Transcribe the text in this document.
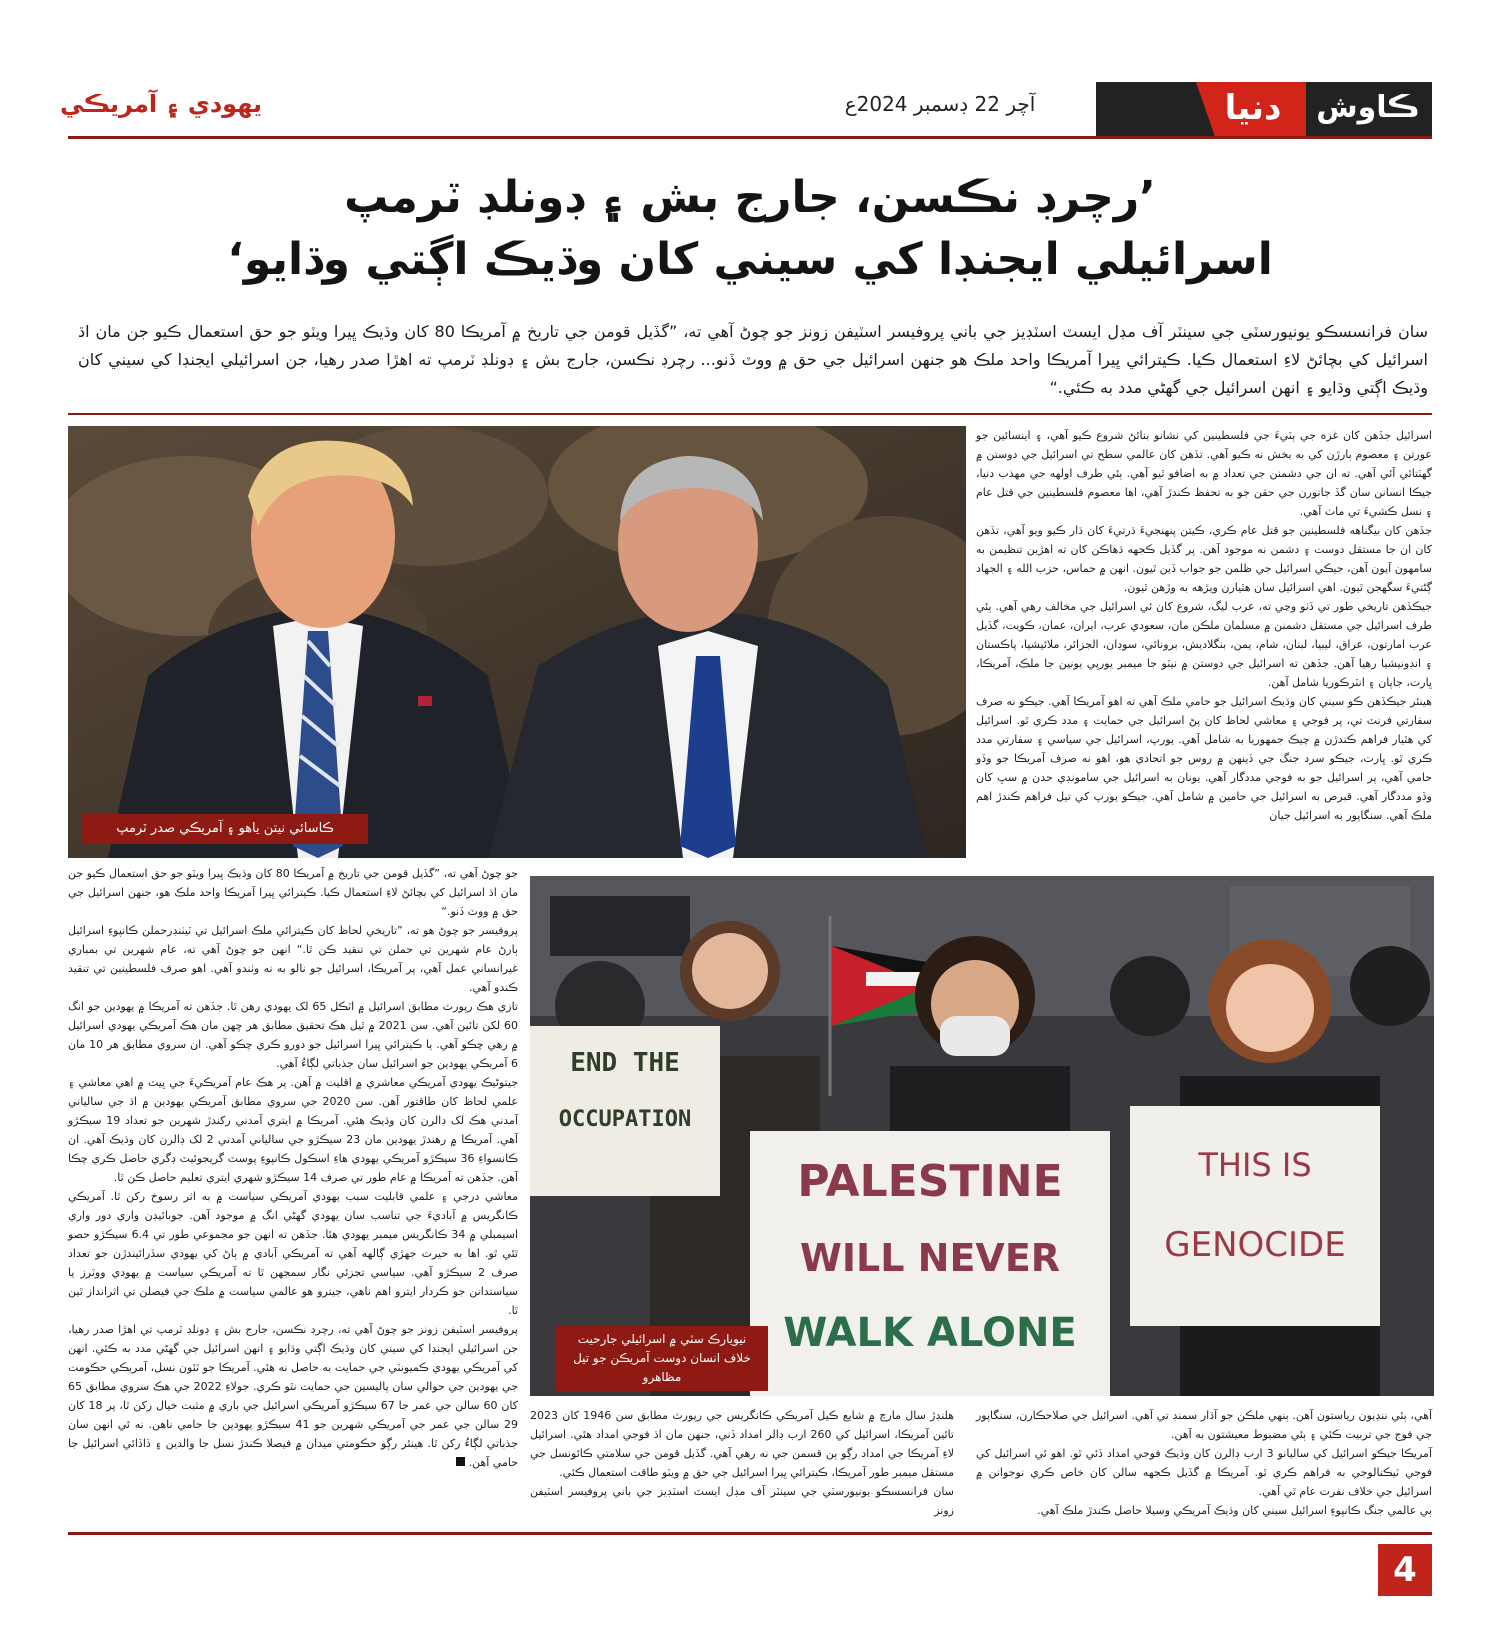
دنيا	ڪاوش
آچر 22 ڊسمبر 2024ع
يهودي ۽ آمريڪي
’رچرڊ نڪسن، جارج بش ۽ ڊونلڊ ٽرمپ
اسرائيلي ايجنڊا کي سيني کان وڌيڪ اڳتي وڌايو‘
سان فرانسسڪو يونيورسٽي جي سينٽر آف مڊل ايسٽ اسٽڊيز جي باني پروفيسر اسٽيفن زونز جو چوڻ آهي ته، ”گڏيل قومن جي تاريخ ۾ آمريڪا 80 کان وڌيڪ ڀيرا ويٽو جو حق استعمال ڪيو جن مان اڌ اسرائيل کي بچائڻ لاءِ استعمال ڪيا. ڪيترائي ڀيرا آمريڪا واحد ملڪ هو جنهن اسرائيل جي حق ۾ ووٽ ڏنو... رچرڊ نڪسن، جارج بش ۽ ڊونلڊ ٽرمپ ته اهڙا صدر رهيا، جن اسرائيلي ايجنڊا کي سيني کان وڌيڪ اڳتي وڌايو ۽ انهن اسرائيل جي گهڻي مدد به ڪئي.“
ڪاسائي نيتن ياهو ۽ آمريڪي صدر ٽرمپ
END THE
OCCUPATION
PALESTINE
WILL NEVER
WALK ALONE
THIS IS
GENOCIDE
نيويارڪ سٽي ۾ اسرائيلي جارحيت خلاف انسان دوست آمريڪن جو تيل مظاهرو

اسرائيل جڏهن کان غزه جي ٻٽيءَ جي فلسطينين کي نشانو بنائڻ شروع ڪيو آهي، ۽ اينسائين جو عورتن ۽ معصوم ٻارڙن کي به بخش نه ڪيو آهي. تڏهن کان عالمي سطح تي اسرائيل جي دوستن ۾ گهٽتائي آئي آهي. ته ان جي دشمنن جي تعداد ۾ به اضافو ٿيو آهي. ٻئي طرف اولهه جي مهذب دنيا، جيڪا انسانن سان گڏ جانورن جي حقن جو به تحفظ ڪندڙ آهي، اها معصوم فلسطينين جي قتل عام ۽ نسل ڪشيءَ تي ماٺ آهي.

جڏهن کان بيگناهه فلسطينين جو قتل عام ڪري، ڪيتن پنهنجيءَ ڌرتيءَ کان ڌار ڪيو ويو آهي، تڏهن کان ان جا مستقل دوست ۽ دشمن نه موجود آهن. پر گڏيل ڪجهه ڌهاڪن کان ته اهڙين تنظيمن به سامهون آيون آهن، جيڪي اسرائيل جي ظلمن جو جواب ڏين ٿيون. انهن ۾ حماس، حزب الله ۽ الجهاد ڳڻتيءَ سگهجن ٿيون. اهي اسرائيل سان هٿيارن ويڙهه به وڙهن ٿيون.

جيڪڏهن تاريخي طور تي ڏٺو وڃي ته، عرب ليگ، شروع کان ئي اسرائيل جي مخالف رهي آهي. ٻئي طرف اسرائيل جي مستقل دشمنن ۾ مسلمان ملڪن مان، سعودي عرب، ايران، عمان، ڪويت، گڏيل عرب امارتون، عراق، ليبيا، لبنان، شام، يمن، بنگلاديش، برونائي، سوڊان، الجزائر، ملائيشيا، پاڪستان ۽ انڊونيشيا رهيا آهن. جڏهن ته اسرائيل جي دوستن ۾ نيٽو جا ميمبر يورپي يونين جا ملڪ، آمريڪا، ڀارت، جاپان ۽ انٽرڪوريا شامل آهن.

هينئر جيڪڏهن ڪو سيني کان وڌيڪ اسرائيل جو حامي ملڪ آهي ته اهو آمريڪا آهي. جيڪو نه صرف سفارتي فرنٽ تي، پر فوجي ۽ معاشي لحاظ کان پڻ اسرائيل جي حمايت ۽ مدد ڪري ٿو. اسرائيل کي هٿيار فراهم ڪندڙن ۾ چيڪ جمهوريا به شامل آهي. يورپ، اسرائيل جي سياسي ۽ سفارتي مدد ڪري ٿو. ڀارت، جيڪو سرد جنگ جي ڏينهن ۾ روس جو اتحادي هو، اهو نه صرف آمريڪا جو وڏو حامي آهي، پر اسرائيل جو به فوجي مددگار آهي. يونان به اسرائيل جي سامونڊي حدن ۾ سڀ کان وڏو مددگار آهي. قبرص به اسرائيل جي حامين ۾ شامل آهي. جيڪو يورپ کي تيل فراهم ڪندڙ اهم ملڪ آهي. سنگاپور به اسرائيل جيان

جو چوڻ آهي ته، ”گڏيل قومن جي تاريخ ۾ آمريڪا 80 کان وڌيڪ ڀيرا ويٽو جو حق استعمال ڪيو جن مان اڌ اسرائيل کي بچائڻ لاءِ استعمال ڪيا. ڪيترائي ڀيرا آمريڪا واحد ملڪ هو، جنهن اسرائيل جي حق ۾ ووٽ ڏنو.“

پروفيسر جو چوڻ هو ته، ”تاريخي لحاظ کان ڪيترائي ملڪ اسرائيل تي ٽيٺنڊرحملن ڪانپوءِ اسرائيل ٻارڻ عام شهرين تي حملن تي تنقيد ڪن ٿا.“ انهن جو چوڻ آهي ته، عام شهرين تي بمباري غيرانساني عمل آهي، پر آمريڪا، اسرائيل جو نالو به نه وٺندو آهي. اهو صرف فلسطينين تي تنقيد ڪندو آهي.

تازي هڪ رپورٽ مطابق اسرائيل ۾ اٽڪل 65 لک يهودي رهن ٿا. جڏهن ته آمريڪا ۾ يهودين جو انگ 60 لکن تائين آهي. سن 2021 ۾ ٿيل هڪ تحقيق مطابق هر ڇهن مان هڪ آمريڪي يهودي اسرائيل ۾ رهي چڪو آهي. يا ڪيترائي ڀيرا اسرائيل جو دورو ڪري چڪو آهي. ان سروي مطابق هر 10 مان 6 آمريڪي يهودين جو اسرائيل سان جذباتي لڳاءُ آهي.

جيتوڻيڪ يهودي آمريڪي معاشري ۾ اقليت ۾ آهن. پر هڪ عام آمريڪيءَ جي ڀيٽ ۾ اهي معاشي ۽ علمي لحاظ کان طاقتور آهن. سن 2020 جي سروي مطابق آمريڪي يهودين ۾ اڌ جي سالياني آمدني هڪ لک ڊالرن کان وڌيڪ هئي. آمريڪا ۾ ايتري آمدني رکندڙ شهرين جو تعداد 19 سيڪڙو آهي. آمريڪا ۾ رهندڙ يهودين مان 23 سيڪڙو جي سالياني آمدني 2 لک ڊالرن کان وڌيڪ آهي. ان ڪانسواءِ 36 سيڪڙو آمريڪي يهودي هاءِ اسڪول ڪانپوءِ پوسٽ گريجوئيٽ ڊگري حاصل ڪري چڪا آهن. جڏهن ته آمريڪا ۾ عام طور تي صرف 14 سيڪڙو شهري ايتري تعليم حاصل ڪن ٿا.

معاشي درجي ۽ علمي قابليت سبب يهودي آمريڪي سياست ۾ به اثر رسوخ رکن ٿا. آمريڪي ڪانگريس ۾ آباديءَ جي تناسب سان يهودي گهڻي انگ ۾ موجود آهن. جوبائيڊن واري دور واري اسيمبلي ۾ 34 ڪانگريس ميمبر يهودي هئا. جڏهن ته انهن جو مجموعي طور تي 6.4 سيڪڙو حصو ٿئي ٿو. اها به حيرت جهڙي ڳالهه آهي ته آمريڪي آبادي ۾ ٻاڻ کي يهودي سڏرائيندڙن جو تعداد صرف 2 سيڪڙو آهي. سياسي تجزئي نگار سمجهن ٿا ته آمريڪي سياست ۾ يهودي ووٽرز يا سياستدانن جو ڪردار ايترو اهم ناهي، جيترو هو عالمي سياست ۾ ملڪ جي فيصلن تي اثرانداز ٿين ٿا.

پروفيسر اسٽيفن زونز جو چوڻ آهي ته، رچرڊ نڪسن، جارج بش ۽ ڊونلڊ ٽرمپ تي اهڙا صدر رهيا، جن اسرائيلي ايجنڊا کي سيني کان وڌيڪ اڳتي وڌايو ۽ انهن اسرائيل جي گهڻي مدد به ڪئي. انهن کي آمريڪي يهودي ڪميونٽي جي حمايت به حاصل نه هئي. آمريڪا جو ٿئون نسل، آمريڪي حڪومت جي يهودين جي حوالي سان پاليسين جي حمايت نٿو ڪري. جولاءِ 2022 جي هڪ سروي مطابق 65 کان 60 سالن جي عمر جا 67 سيڪڙو آمريڪي اسرائيل جي باري ۾ مثبت خيال رکن ٿا، پر 18 کان 29 سالن جي عمر جي آمريڪي شهرين جو 41 سيڪڙو يهودين جا حامي ناهن. نه ئي انهن سان جذباتي لڳاءُ رکن ٿا. هينئر رڳو حڪومتي ميدان ۾ فيصلا ڪندڙ نسل جا والدين ۽ ڏاڏائي اسرائيل جا حامي آهن.

هلنڊڙ سال مارچ ۾ شايع ڪيل آمريڪي ڪانگريس جي رپورٽ مطابق سن 1946 کان 2023 تائين آمريڪا، اسرائيل کي 260 ارب ڊالر امداد ڏني، جنهن مان اڌ فوجي امداد هئي. اسرائيل لاءِ آمريڪا جي امداد رڳو ٻن قسمن جي نه رهي آهي. گڏيل قومن جي سلامتي ڪائونسل جي مستقل ميمبر طور آمريڪا، ڪيترائي ڀيرا اسرائيل جي حق ۾ ويٽو طاقت استعمال ڪئي.

سان فرانسسڪو يونيورسٽي جي سينٽر آف مڊل ايسٽ اسٽڊيز جي باني پروفيسر اسٽيفن زونز

آهي، ٻئي ننڍيون رياستون آهن. ٻنهي ملڪن جو آڌار سمنڊ تي آهي. اسرائيل جي صلاحڪارن، سنگاپور جي فوج جي تربيت ڪئي ۽ ٻئي مضبوط معيشتون به آهن.

آمريڪا جيڪو اسرائيل کي ساليانو 3 ارب ڊالرن کان وڌيڪ فوجي امداد ڏئي ٿو. اهو ئي اسرائيل کي فوجي ٽيڪنالوجي به فراهم ڪري ٿو. آمريڪا ۾ گڏيل ڪجهه سالن کان خاص ڪري نوجوانن ۾ اسرائيل جي خلاف نفرت عام ٿي آهي.

ٻي عالمي جنگ ڪانپوءِ اسرائيل سيني کان وڌيڪ آمريڪي وسيلا حاصل ڪندڙ ملڪ آهي.

4
